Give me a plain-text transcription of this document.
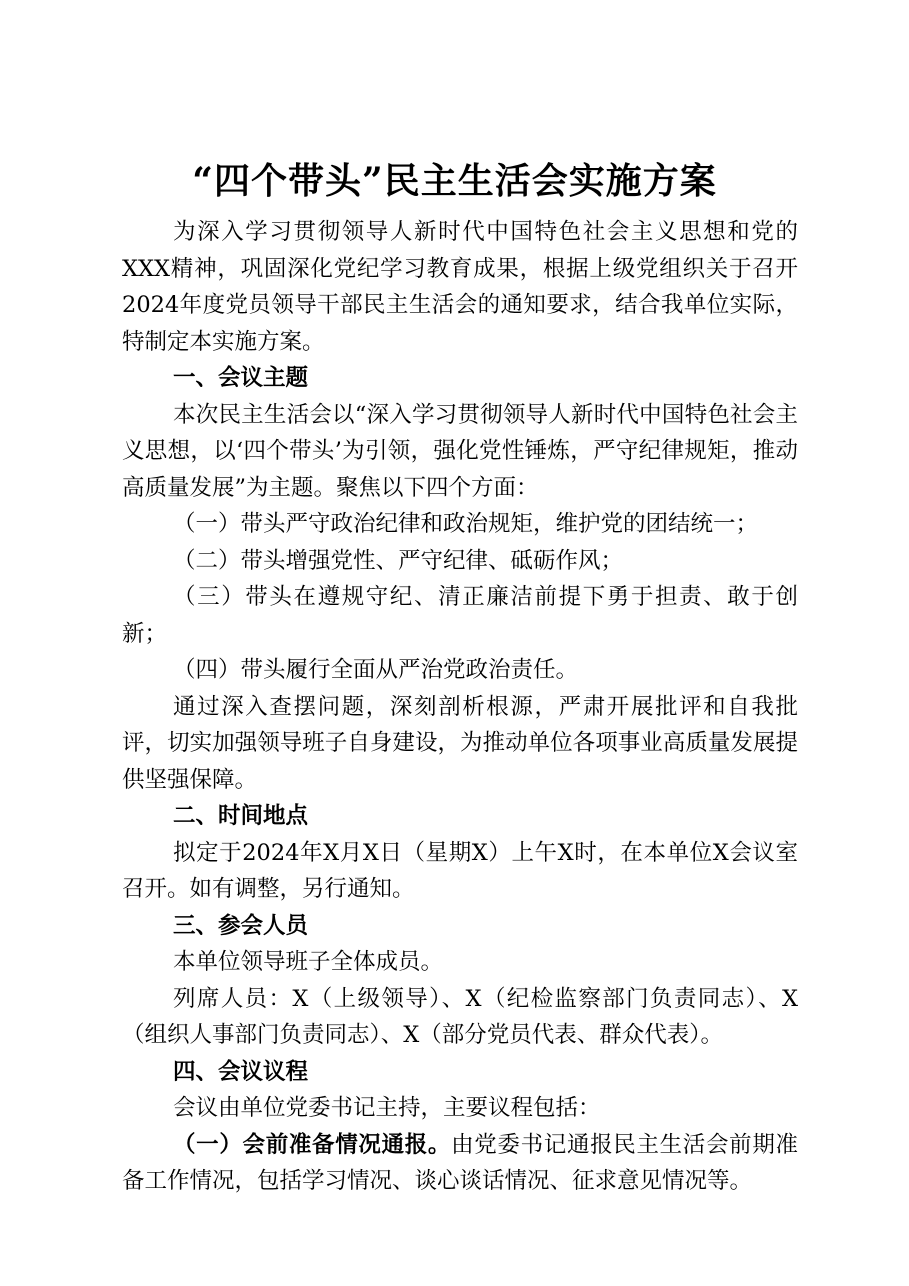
“四个带头”民主生活会实施方案

为深入学习贯彻领导人新时代中国特色社会主义思想和党的XXX精神，巩固深化党纪学习教育成果，根据上级党组织关于召开2024年度党员领导干部民主生活会的通知要求，结合我单位实际，特制定本实施方案。

一、会议主题

本次民主生活会以“深入学习贯彻领导人新时代中国特色社会主义思想，以‘四个带头’为引领，强化党性锤炼，严守纪律规矩，推动高质量发展”为主题。聚焦以下四个方面：

（一）带头严守政治纪律和政治规矩，维护党的团结统一；

（二）带头增强党性、严守纪律、砥砺作风；

（三）带头在遵规守纪、清正廉洁前提下勇于担责、敢于创新；

（四）带头履行全面从严治党政治责任。

通过深入查摆问题，深刻剖析根源，严肃开展批评和自我批评，切实加强领导班子自身建设，为推动单位各项事业高质量发展提供坚强保障。

二、时间地点

拟定于2024年X月X日（星期X）上午X时，在本单位X会议室召开。如有调整，另行通知。

三、参会人员

本单位领导班子全体成员。

列席人员：X（上级领导）、X（纪检监察部门负责同志）、X（组织人事部门负责同志）、X（部分党员代表、群众代表）。

四、会议议程

会议由单位党委书记主持，主要议程包括：

（一）会前准备情况通报。由党委书记通报民主生活会前期准备工作情况，包括学习情况、谈心谈话情况、征求意见情况等。
